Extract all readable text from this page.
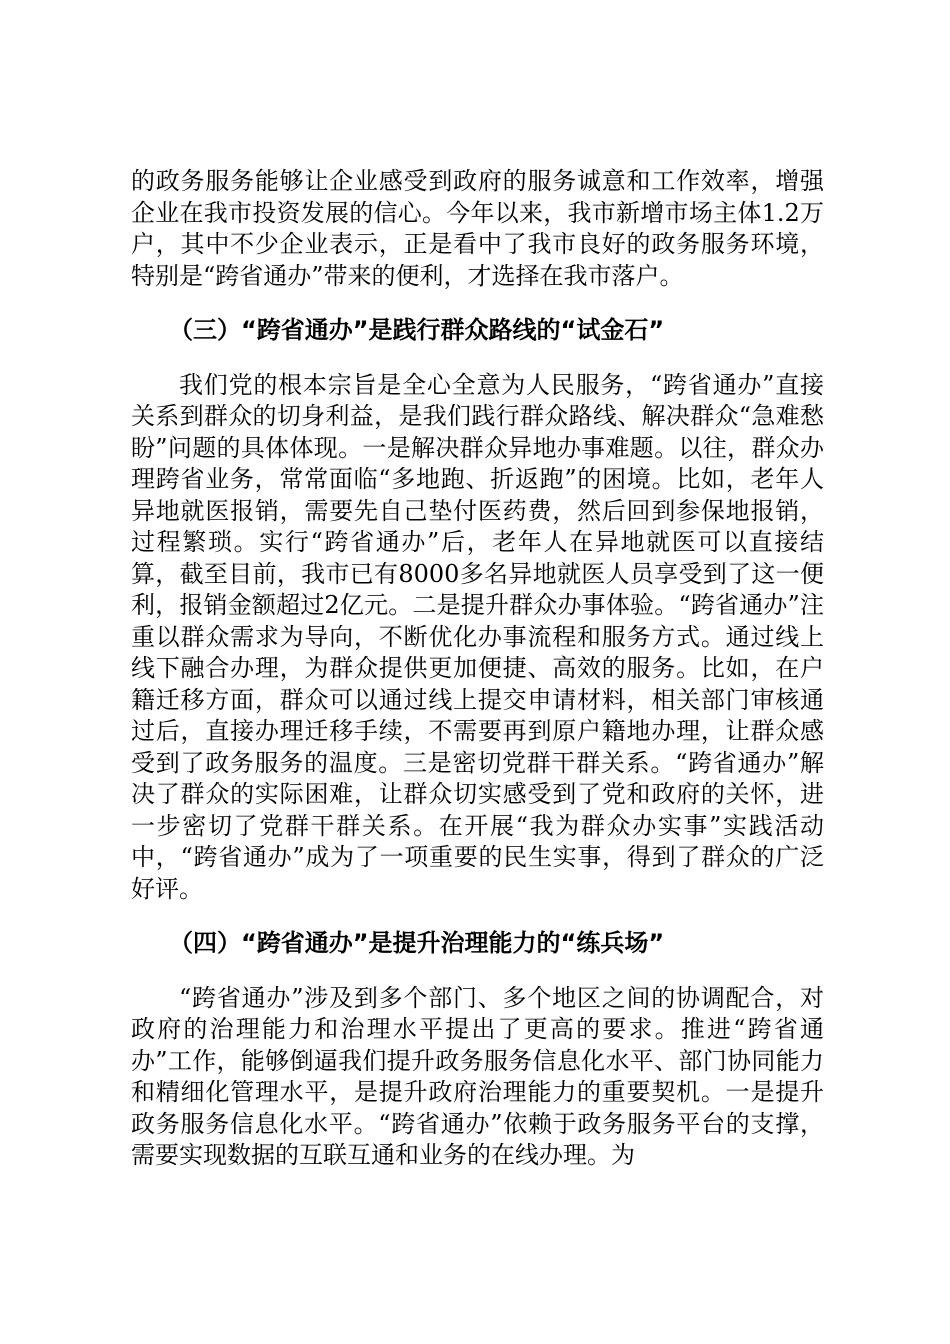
的政务服务能够让企业感受到政府的服务诚意和工作效率，增强企业在我市投资发展的信心。今年以来，我市新增市场主体1.2万户，其中不少企业表示，正是看中了我市良好的政务服务环境，特别是“跨省通办”带来的便利，才选择在我市落户。

（三）“跨省通办”是践行群众路线的“试金石”

我们党的根本宗旨是全心全意为人民服务，“跨省通办”直接关系到群众的切身利益，是我们践行群众路线、解决群众“急难愁盼”问题的具体体现。一是解决群众异地办事难题。以往，群众办理跨省业务，常常面临“多地跑、折返跑”的困境。比如，老年人异地就医报销，需要先自己垫付医药费，然后回到参保地报销，过程繁琐。实行“跨省通办”后，老年人在异地就医可以直接结算，截至目前，我市已有8000多名异地就医人员享受到了这一便利，报销金额超过2亿元。二是提升群众办事体验。“跨省通办”注重以群众需求为导向，不断优化办事流程和服务方式。通过线上线下融合办理，为群众提供更加便捷、高效的服务。比如，在户籍迁移方面，群众可以通过线上提交申请材料，相关部门审核通过后，直接办理迁移手续，不需要再到原户籍地办理，让群众感受到了政务服务的温度。三是密切党群干群关系。“跨省通办”解决了群众的实际困难，让群众切实感受到了党和政府的关怀，进一步密切了党群干群关系。在开展“我为群众办实事”实践活动中，“跨省通办”成为了一项重要的民生实事，得到了群众的广泛好评。

（四）“跨省通办”是提升治理能力的“练兵场”

“跨省通办”涉及到多个部门、多个地区之间的协调配合，对政府的治理能力和治理水平提出了更高的要求。推进“跨省通办”工作，能够倒逼我们提升政务服务信息化水平、部门协同能力和精细化管理水平，是提升政府治理能力的重要契机。一是提升政务服务信息化水平。“跨省通办”依赖于政务服务平台的支撑，需要实现数据的互联互通和业务的在线办理。为
